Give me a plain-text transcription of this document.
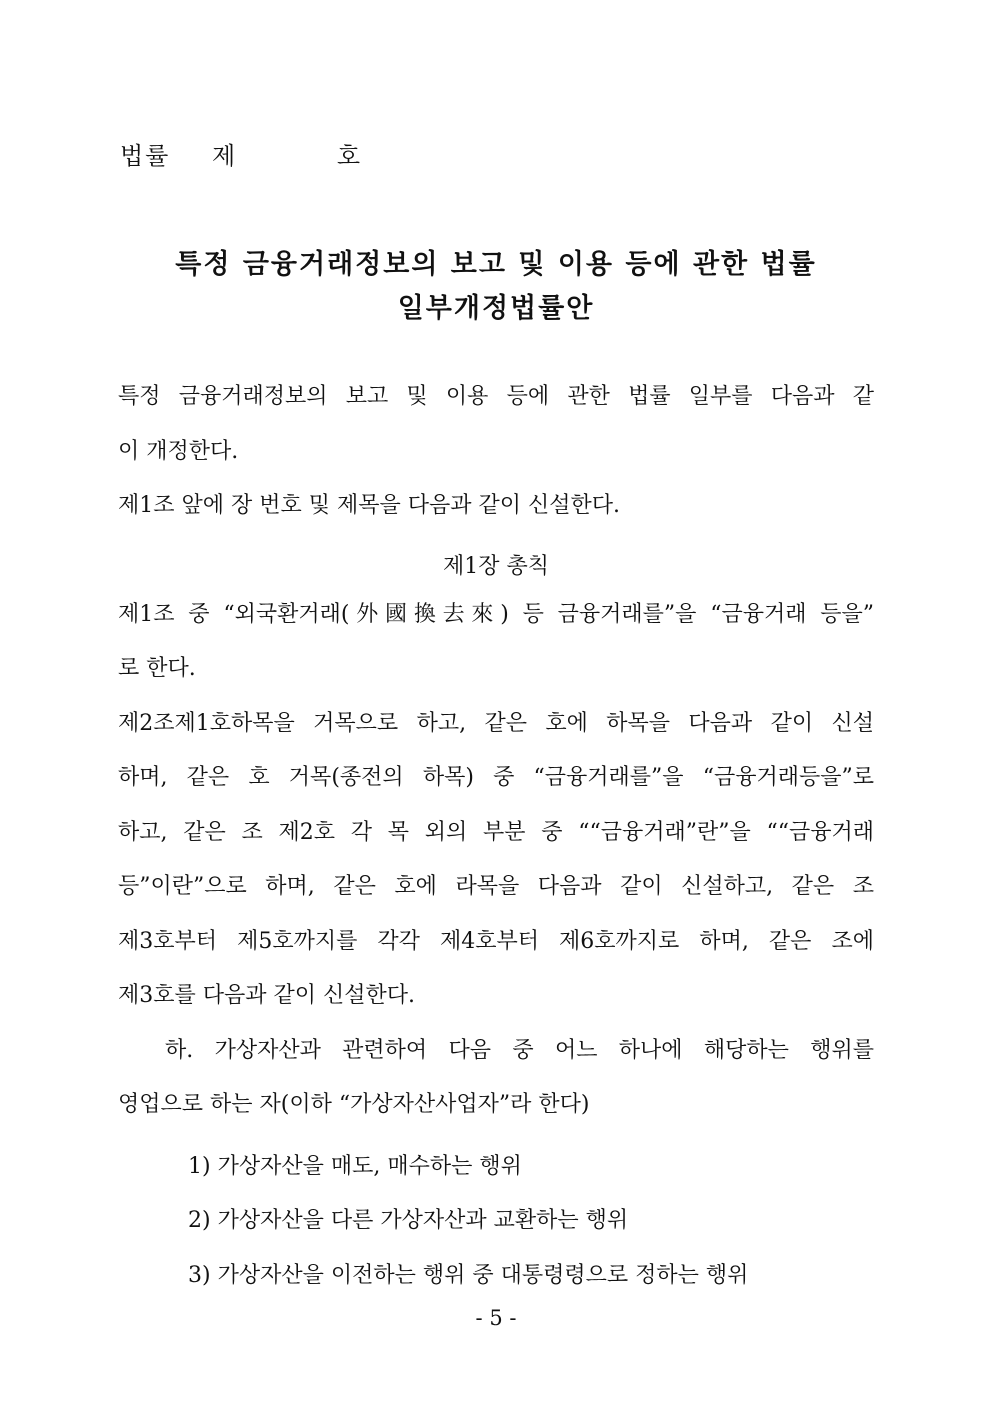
법률 제	호
특정 금융거래정보의 보고 및 이용 등에 관한 법률
일부개정법률안
특정 금융거래정보의 보고 및 이용 등에 관한 법률 일부를 다음과 같
이 개정한다.
제1조 앞에 장 번호 및 제목을 다음과 같이 신설한다.
제1장 총칙
제1조 중 “외국환거래(外國換去來) 등 금융거래를”을 “금융거래 등을”
로 한다.
제2조제1호하목을 거목으로 하고, 같은 호에 하목을 다음과 같이 신설
하며, 같은 호 거목(종전의 하목) 중 “금융거래를”을 “금융거래등을”로
하고, 같은 조 제2호 각 목 외의 부분 중 ““금융거래”란”을 ““금융거래
등”이란”으로 하며, 같은 호에 라목을 다음과 같이 신설하고, 같은 조
제3호부터 제5호까지를 각각 제4호부터 제6호까지로 하며, 같은 조에
제3호를 다음과 같이 신설한다.
하. 가상자산과 관련하여 다음 중 어느 하나에 해당하는 행위를
영업으로 하는 자(이하 “가상자산사업자”라 한다)
1) 가상자산을 매도, 매수하는 행위
2) 가상자산을 다른 가상자산과 교환하는 행위
3) 가상자산을 이전하는 행위 중 대통령령으로 정하는 행위
- 5 -
